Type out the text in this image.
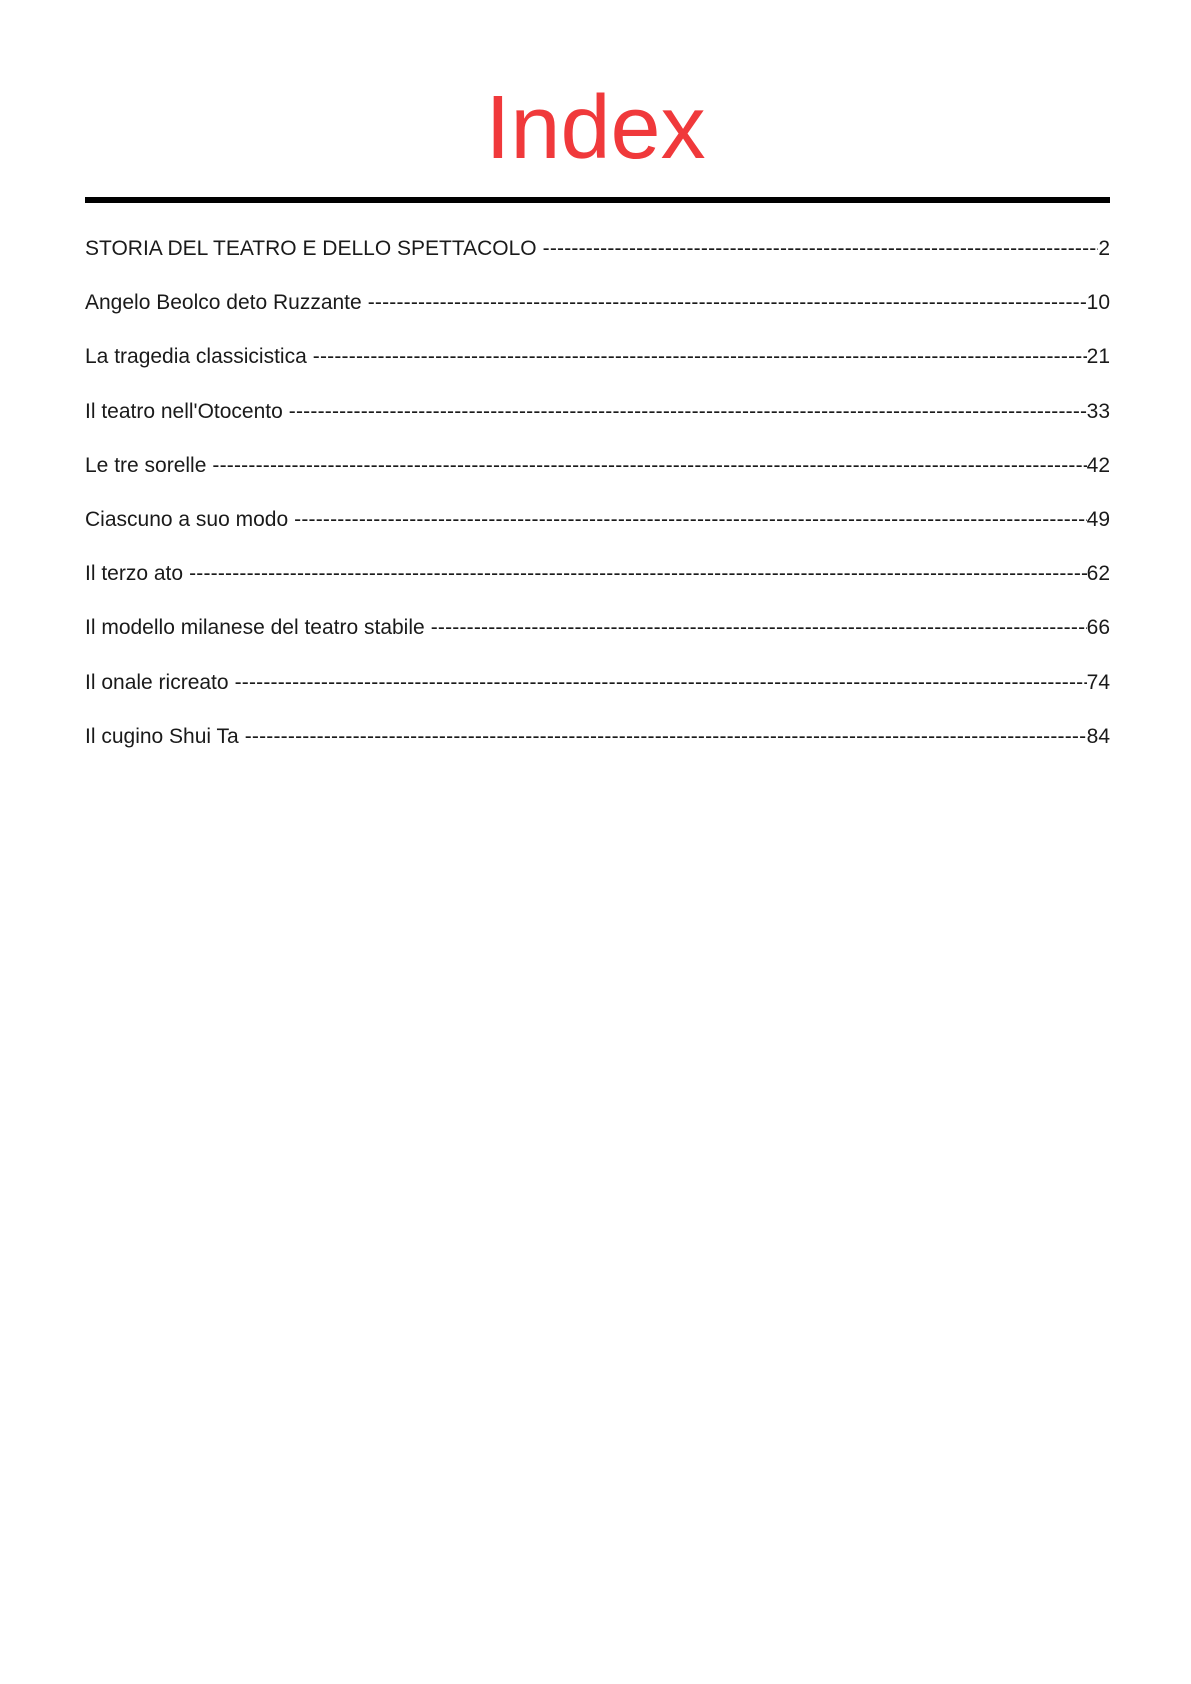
Index
STORIA DEL TEATRO E DELLO SPETTACOLO -----	2
Angelo Beolco deto Ruzzante -----	10
La tragedia classicistica -----	21
Il teatro nell'Otocento -----	33
Le tre sorelle -----	42
Ciascuno a suo modo -----	49
Il terzo ato -----	62
Il modello milanese del teatro stabile -----	66
Il onale ricreato -----	74
Il cugino Shui Ta -----	84
